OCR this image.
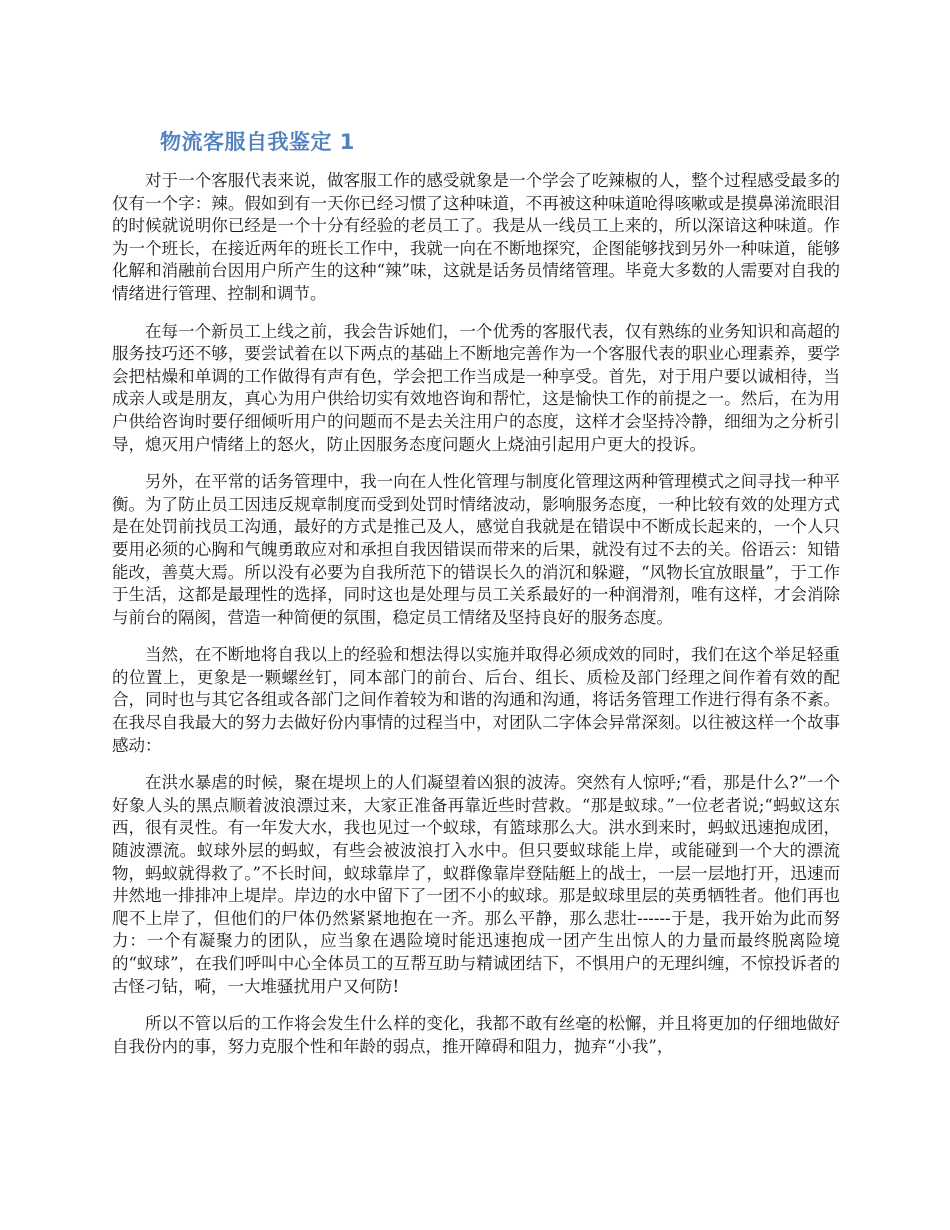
物流客服自我鉴定 1

对于一个客服代表来说，做客服工作的感受就象是一个学会了吃辣椒的人，整个过程感受最多的仅有一个字：辣。假如到有一天你已经习惯了这种味道，不再被这种味道呛得咳嗽或是摸鼻涕流眼泪的时候就说明你已经是一个十分有经验的老员工了。我是从一线员工上来的，所以深谙这种味道。作为一个班长，在接近两年的班长工作中，我就一向在不断地探究，企图能够找到另外一种味道，能够化解和消融前台因用户所产生的这种“辣”味，这就是话务员情绪管理。毕竟大多数的人需要对自我的情绪进行管理、控制和调节。

在每一个新员工上线之前，我会告诉她们，一个优秀的客服代表，仅有熟练的业务知识和高超的服务技巧还不够，要尝试着在以下两点的基础上不断地完善作为一个客服代表的职业心理素养，要学会把枯燥和单调的工作做得有声有色，学会把工作当成是一种享受。首先，对于用户要以诚相待，当成亲人或是朋友，真心为用户供给切实有效地咨询和帮忙，这是愉快工作的前提之一。然后，在为用户供给咨询时要仔细倾听用户的问题而不是去关注用户的态度，这样才会坚持冷静，细细为之分析引导，熄灭用户情绪上的怒火，防止因服务态度问题火上烧油引起用户更大的投诉。

另外，在平常的话务管理中，我一向在人性化管理与制度化管理这两种管理模式之间寻找一种平衡。为了防止员工因违反规章制度而受到处罚时情绪波动，影响服务态度，一种比较有效的处理方式是在处罚前找员工沟通，最好的方式是推己及人，感觉自我就是在错误中不断成长起来的，一个人只要用必须的心胸和气魄勇敢应对和承担自我因错误而带来的后果，就没有过不去的关。俗语云：知错能改，善莫大焉。所以没有必要为自我所范下的错误长久的消沉和躲避，“风物长宜放眼量”，于工作于生活，这都是最理性的选择，同时这也是处理与员工关系最好的一种润滑剂，唯有这样，才会消除与前台的隔阂，营造一种简便的氛围，稳定员工情绪及坚持良好的服务态度。

当然，在不断地将自我以上的经验和想法得以实施并取得必须成效的同时，我们在这个举足轻重的位置上，更象是一颗螺丝钉，同本部门的前台、后台、组长、质检及部门经理之间作着有效的配合，同时也与其它各组或各部门之间作着较为和谐的沟通和沟通，将话务管理工作进行得有条不紊。在我尽自我最大的努力去做好份内事情的过程当中，对团队二字体会异常深刻。以往被这样一个故事感动：

在洪水暴虐的时候，聚在堤坝上的人们凝望着凶狠的波涛。突然有人惊呼;“看，那是什么?”一个好象人头的黑点顺着波浪漂过来，大家正准备再靠近些时营救。“那是蚁球。”一位老者说;“蚂蚁这东西，很有灵性。有一年发大水，我也见过一个蚁球，有篮球那么大。洪水到来时，蚂蚁迅速抱成团，随波漂流。蚁球外层的蚂蚁，有些会被波浪打入水中。但只要蚁球能上岸，或能碰到一个大的漂流物，蚂蚁就得救了。”不长时间，蚁球靠岸了，蚁群像靠岸登陆艇上的战士，一层一层地打开，迅速而井然地一排排冲上堤岸。岸边的水中留下了一团不小的蚁球。那是蚁球里层的英勇牺牲者。他们再也爬不上岸了，但他们的尸体仍然紧紧地抱在一齐。那么平静，那么悲壮------于是，我开始为此而努力：一个有凝聚力的团队，应当象在遇险境时能迅速抱成一团产生出惊人的力量而最终脱离险境的“蚁球”，在我们呼叫中心全体员工的互帮互助与精诚团结下，不惧用户的无理纠缠，不惊投诉者的古怪刁钻，嗬，一大堆骚扰用户又何防!

所以不管以后的工作将会发生什么样的变化，我都不敢有丝毫的松懈，并且将更加的仔细地做好自我份内的事，努力克服个性和年龄的弱点，推开障碍和阻力，抛弃“小我”，
